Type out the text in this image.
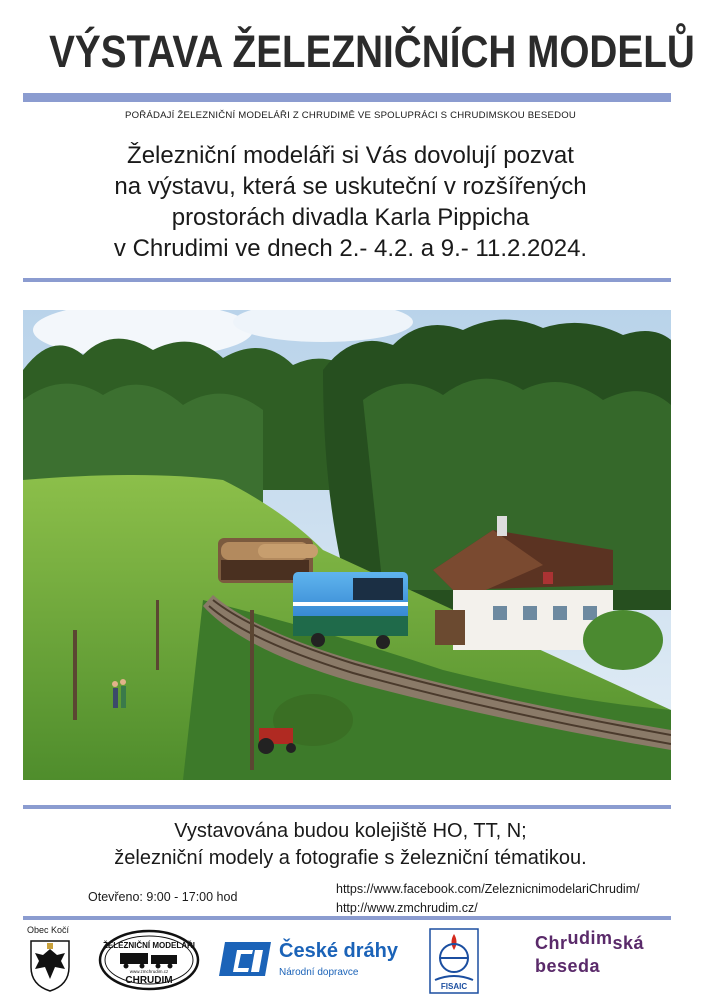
VÝSTAVA ŽELEZNIČNÍCH MODELŮ
POŘÁDAJÍ ŽELEZNIČNÍ MODELÁŘI Z CHRUDIMĚ VE SPOLUPRÁCI S CHRUDIMSKOU BESEDOU
Železniční modeláři si Vás dovolují pozvat
na výstavu, která se uskuteční v rozšířených
prostorách divadla Karla Pippicha
v Chrudimi ve dnech 2.- 4.2. a 9.- 11.2.2024.
Vystavována budou kolejiště HO, TT, N;
železniční modely a fotografie s železniční tématikou.
Otevřeno: 9:00 - 17:00 hod
https://www.facebook.com/ZeleznicnimodelariChrudim/
http://www.zmchrudim.cz/
Obec Kočí
ŽELEZNIČNÍ MODELÁŘI
www.zmchrudim.cz
CHRUDIM
České dráhy
Národní dopravce
FISAIC
Chrudimská
beseda
